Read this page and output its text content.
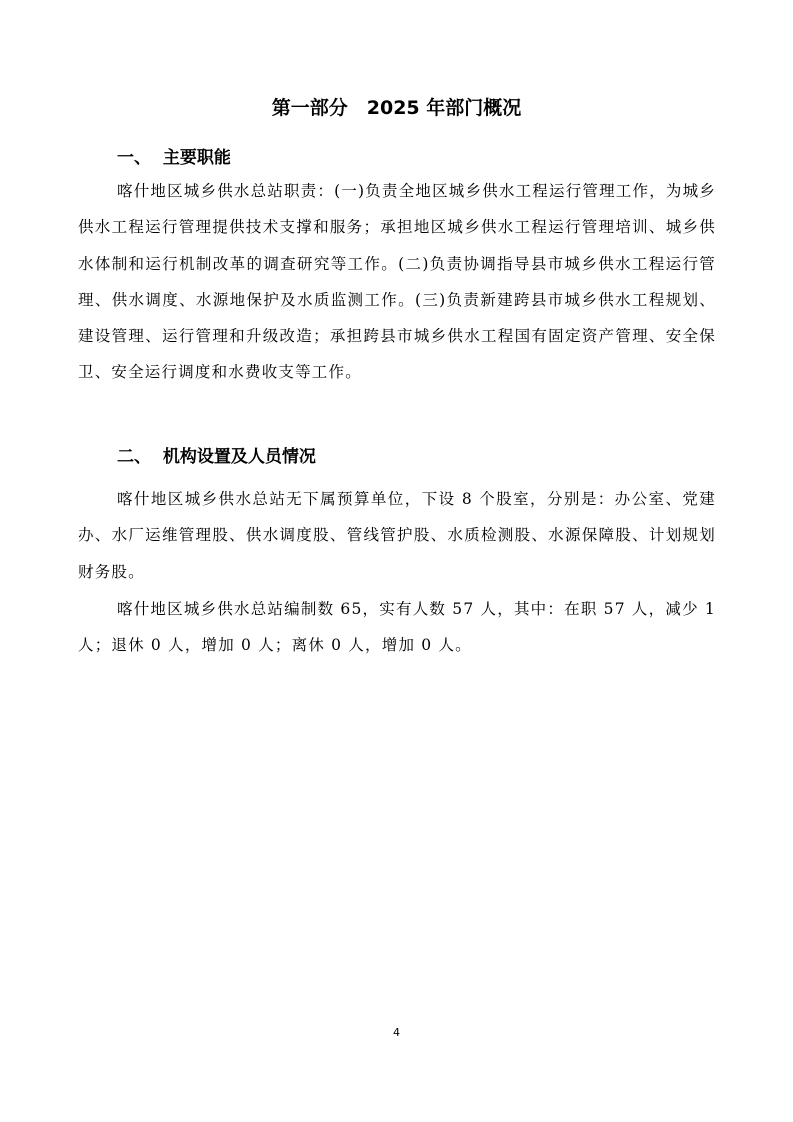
第一部分　2025 年部门概况
一、  主要职能

喀什地区城乡供水总站职责：(一)负责全地区城乡供水工程运行管理工作，为城乡供水工程运行管理提供技术支撑和服务；承担地区城乡供水工程运行管理培训、城乡供水体制和运行机制改革的调查研究等工作。(二)负责协调指导县市城乡供水工程运行管理、供水调度、水源地保护及水质监测工作。(三)负责新建跨县市城乡供水工程规划、建设管理、运行管理和升级改造；承担跨县市城乡供水工程国有固定资产管理、安全保卫、安全运行调度和水费收支等工作。

二、  机构设置及人员情况

喀什地区城乡供水总站无下属预算单位，下设 8 个股室，分别是：办公室、党建办、水厂运维管理股、供水调度股、管线管护股、水质检测股、水源保障股、计划规划财务股。

喀什地区城乡供水总站编制数 65，实有人数 57 人，其中：在职 57 人，减少 1 人；退休 0 人，增加 0 人；离休 0 人，增加 0 人。

4
